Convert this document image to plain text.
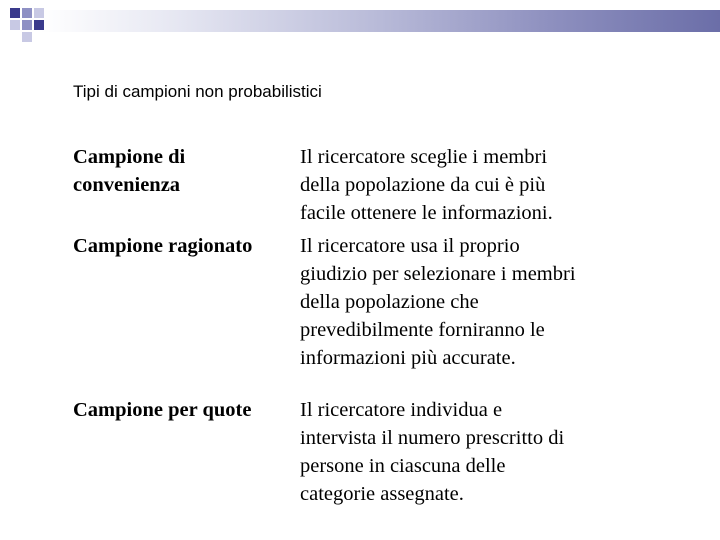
Tipi di campioni non probabilistici
Campione di
convenienza
Il ricercatore sceglie i membri
della popolazione da cui è più
facile ottenere le informazioni.
Campione ragionato	Il ricercatore usa il proprio
giudizio per selezionare i membri
della popolazione che
prevedibilmente forniranno le
informazioni più accurate.
Campione per quote	Il ricercatore individua e
intervista il numero prescritto di
persone in ciascuna delle
categorie assegnate.
